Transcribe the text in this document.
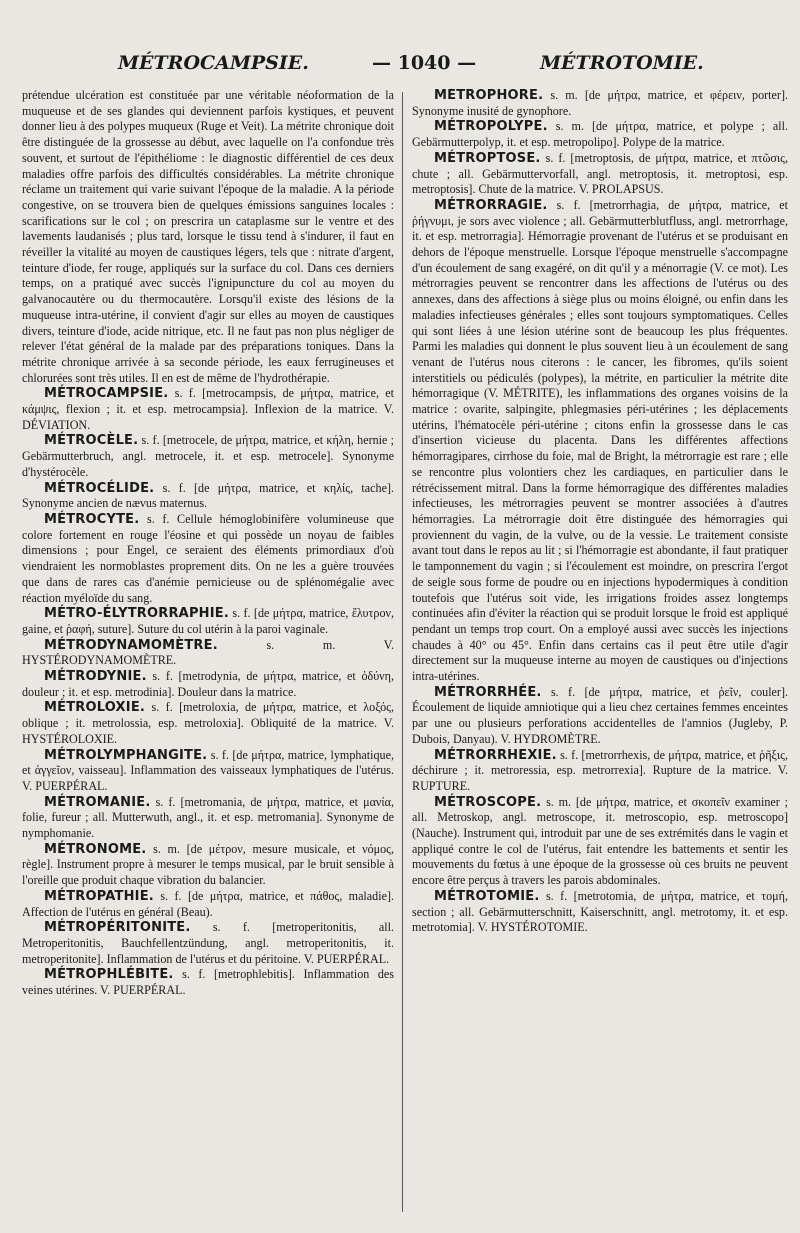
MÉTROCAMPSIE.	— 1040 —	MÉTROTOMIE.

prétendue ulcération est constituée par une véritable néoformation de la muqueuse et de ses glandes qui deviennent parfois kystiques, et peuvent donner lieu à des polypes muqueux (Ruge et Veit). La métrite chronique doit être distinguée de la grossesse au début, avec laquelle on l'a confondue très souvent, et surtout de l'épithéliome : le diagnostic différentiel de ces deux maladies offre parfois des difficultés considérables. La métrite chronique réclame un traitement qui varie suivant l'époque de la maladie. A la période congestive, on se trouvera bien de quelques émissions sanguines locales : scarifications sur le col ; on prescrira un cataplasme sur le ventre et des lavements laudanisés ; plus tard, lorsque le tissu tend à s'indurer, il faut en réveiller la vitalité au moyen de caustiques légers, tels que : nitrate d'argent, teinture d'iode, fer rouge, appliqués sur la surface du col. Dans ces derniers temps, on a pratiqué avec succès l'ignipuncture du col au moyen du galvanocautère ou du thermocautère. Lorsqu'il existe des lésions de la muqueuse intra-utérine, il convient d'agir sur elles au moyen de caustiques divers, teinture d'iode, acide nitrique, etc. Il ne faut pas non plus négliger de relever l'état général de la malade par des préparations toniques. Dans la métrite chronique arrivée à sa seconde période, les eaux ferrugineuses et chlorurées sont très utiles. Il en est de même de l'hydrothérapie.

MÉTROCAMPSIE. s. f. [metrocampsis, de μήτρα, matrice, et κάμψις, flexion ; it. et esp. metrocampsia]. Inflexion de la matrice. V. DÉVIATION.

MÉTROCÈLE. s. f. [metrocele, de μήτρα, matrice, et κήλη, hernie ; Gebärmutterbruch, angl. metrocele, it. et esp. metrocele]. Synonyme d'hystérocèle.

MÉTROCÉLIDE. s. f. [de μήτρα, matrice, et κηλίς, tache]. Synonyme ancien de nævus maternus.

MÉTROCYTE. s. f. Cellule hémoglobinifère volumineuse que colore fortement en rouge l'éosine et qui possède un noyau de faibles dimensions ; pour Engel, ce seraient des éléments primordiaux d'où viendraient les normoblastes proprement dits. On ne les a guère trouvées que dans de rares cas d'anémie pernicieuse ou de splénomégalie avec réaction myéloïde du sang.

MÉTRO-ÉLYTRORRAPHIE. s. f. [de μήτρα, matrice, ἔλυτρον, gaine, et ῥαφή, suture]. Suture du col utérin à la paroi vaginale.

MÉTRODYNAMOMÈTRE.	s. m. V. HYSTÉRODYNAMOMÈTRE.

MÉTRODYNIE. s. f. [metrodynia, de μήτρα, matrice, et ὀδύνη, douleur ; it. et esp. metrodinia]. Douleur dans la matrice.

MÉTROLOXIE. s. f. [metroloxia, de μήτρα, matrice, et λοξός, oblique ; it. metrolossia, esp. metroloxia]. Obliquité de la matrice. V. HYSTÉROLOXIE.

MÉTROLYMPHANGITE. s. f. [de μήτρα, matrice, lymphatique, et ἀγγεῖον, vaisseau]. Inflammation des vaisseaux lymphatiques de l'utérus. V. PUERPÉRAL.

MÉTROMANIE. s. f. [metromania, de μήτρα, matrice, et μανία, folie, fureur ; all. Mutterwuth, angl., it. et esp. metromania]. Synonyme de nymphomanie.

MÉTRONOME. s. m. [de μέτρον, mesure musicale, et νόμος, règle]. Instrument propre à mesurer le temps musical, par le bruit sensible à l'oreille que produit chaque vibration du balancier.

MÉTROPATHIE. s. f. [de μήτρα, matrice, et πάθος, maladie]. Affection de l'utérus en général (Beau).

MÉTROPÉRITONITE. s. f. [metroperitonitis, all. Metroperitonitis, Bauchfellentzündung, angl. metroperitonitis, it. metroperitonite]. Inflammation de l'utérus et du péritoine. V. PUERPÉRAL.

MÉTROPHLÉBITE. s. f. [metrophlebitis]. Inflammation des veines utérines. V. PUERPÉRAL.

MÉTROPHORE. s. m. [de μήτρα, matrice, et φέρειν, porter]. Synonyme inusité de gynophore.

MÉTROPOLYPE. s. m. [de μήτρα, matrice, et polype ; all. Gebärmutterpolyp, it. et esp. metropolipo]. Polype de la matrice.

MÉTROPTOSE. s. f. [metroptosis, de μήτρα, matrice, et πτῶσις, chute ; all. Gebärmuttervorfall, angl. metroptosis, it. metroptosi, esp. metroptosis]. Chute de la matrice. V. PROLAPSUS.

MÉTRORRAGIE. s. f. [metrorrhagia, de μήτρα, matrice, et ῥήγνυμι, je sors avec violence ; all. Gebärmutterblutfluss, angl. metrorrhage, it. et esp. metrorragia]. Hémorragie provenant de l'utérus et se produisant en dehors de l'époque menstruelle. Lorsque l'époque menstruelle s'accompagne d'un écoulement de sang exagéré, on dit qu'il y a ménorragie (V. ce mot). Les métrorragies peuvent se rencontrer dans les affections de l'utérus ou des annexes, dans des affections à siège plus ou moins éloigné, ou enfin dans les maladies infectieuses générales ; elles sont toujours symptomatiques. Celles qui sont liées à une lésion utérine sont de beaucoup les plus fréquentes. Parmi les maladies qui donnent le plus souvent lieu à un écoulement de sang venant de l'utérus nous citerons : le cancer, les fibromes, qu'ils soient interstitiels ou pédiculés (polypes), la métrite, en particulier la métrite dite hémorragique (V. MÉTRITE), les inflammations des organes voisins de la matrice : ovarite, salpingite, phlegmasies péri-utérines ; les déplacements utérins, l'hématocèle péri-utérine ; citons enfin la grossesse dans le cas d'insertion vicieuse du placenta. Dans les différentes affections hémorragipares, cirrhose du foie, mal de Bright, la métrorragie est rare ; elle se rencontre plus volontiers chez les cardiaques, en particulier dans le rétrécissement mitral. Dans la forme hémorragique des différentes maladies infectieuses, les métrorragies peuvent se montrer associées à d'autres hémorragies. La métrorragie doit être distinguée des hémorragies qui proviennent du vagin, de la vulve, ou de la vessie. Le traitement consiste avant tout dans le repos au lit ; si l'hémorragie est abondante, il faut pratiquer le tamponnement du vagin ; si l'écoulement est moindre, on prescrira l'ergot de seigle sous forme de poudre ou en injections hypodermiques à condition toutefois que l'utérus soit vide, les irrigations froides assez longtemps continuées afin d'éviter la réaction qui se produit lorsque le froid est appliqué pendant un temps trop court. On a employé aussi avec succès les injections chaudes à 40° ou 45°. Enfin dans certains cas il peut être utile d'agir directement sur la muqueuse interne au moyen de caustiques ou d'injections intra-utérines.

MÉTRORRHÉE. s. f. [de μήτρα, matrice, et ῥεῖν, couler]. Écoulement de liquide amniotique qui a lieu chez certaines femmes enceintes par une ou plusieurs perforations accidentelles de l'amnios (Jugleby, P. Dubois, Danyau). V. HYDROMÈTRE.

MÉTRORRHEXIE. s. f. [metrorrhexis, de μήτρα, matrice, et ῥῆξις, déchirure ; it. metroressia, esp. metrorrexia]. Rupture de la matrice. V. RUPTURE.

MÉTROSCOPE. s. m. [de μήτρα, matrice, et σκοπεῖν examiner ; all. Metroskop, angl. metroscope, it. metroscopio, esp. metroscopo] (Nauche). Instrument qui, introduit par une de ses extrémités dans le vagin et appliqué contre le col de l'utérus, fait entendre les battements et sentir les mouvements du fœtus à une époque de la grossesse où ces bruits ne peuvent encore être perçus à travers les parois abdominales.

MÉTROTOMIE. s. f. [metrotomia, de μήτρα, matrice, et τομή, section ; all. Gebärmutterschnitt, Kaiserschnitt, angl. metrotomy, it. et esp. metrotomia]. V. HYSTÉROTOMIE.
